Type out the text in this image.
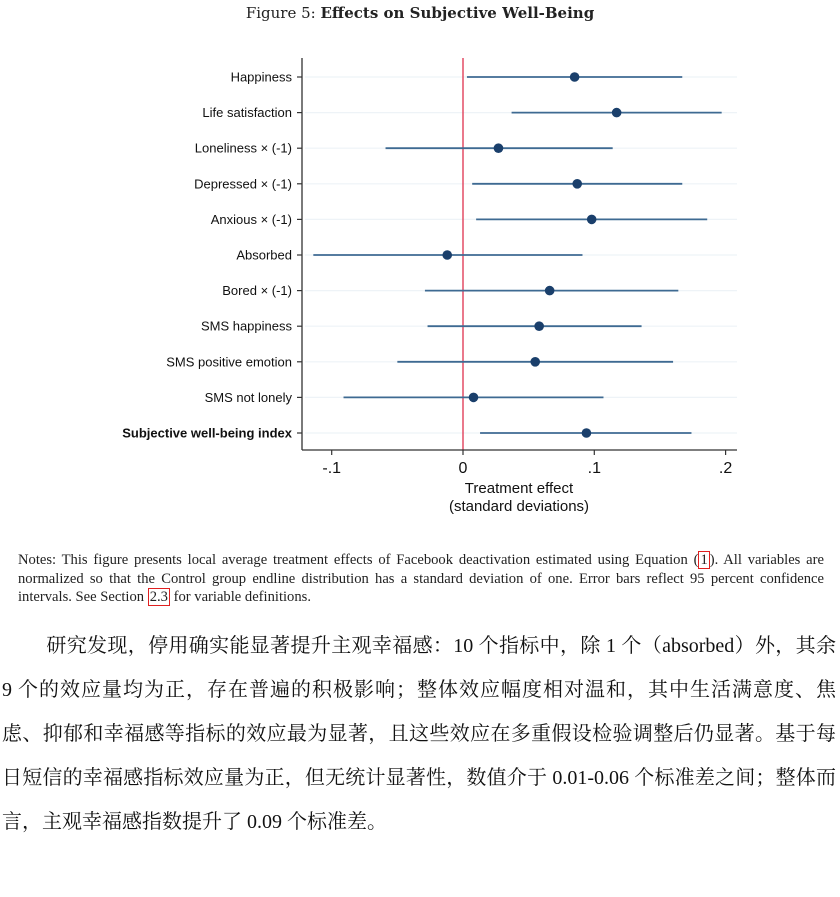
Figure 5: Effects on Subjective Well-Being
Happiness
Life satisfaction
Loneliness × (-1)
Depressed × (-1)
Anxious × (-1)
Absorbed
Bored × (-1)
SMS happiness
SMS positive emotion
SMS not lonely
Subjective well-being index
-.1	0	.1	.2
Treatment effect
(standard deviations)
Notes: This figure presents local average treatment effects of Facebook deactivation estimated using Equation ( 1 ). All variables are normalized so that the Control group endline distribution has a standard deviation of one. Error bars reflect 95 percent confidence intervals. See Section 2.3 for variable definitions.
研究发现，停用确实能显著提升主观幸福感：10 个指标中，除 1 个（absorbed）外，其余 9 个的效应量均为正，存在普遍的积极影响；整体效应幅度相对温和，其中生活满意度、焦虑、抑郁和幸福感等指标的效应最为显著，且这些效应在多重假设检验调整后仍显著。基于每日短信的幸福感指标效应量为正，但无统计显著性，数值介于 0.01-0.06 个标准差之间；整体而言，主观幸福感指数提升了 0.09 个标准差。
